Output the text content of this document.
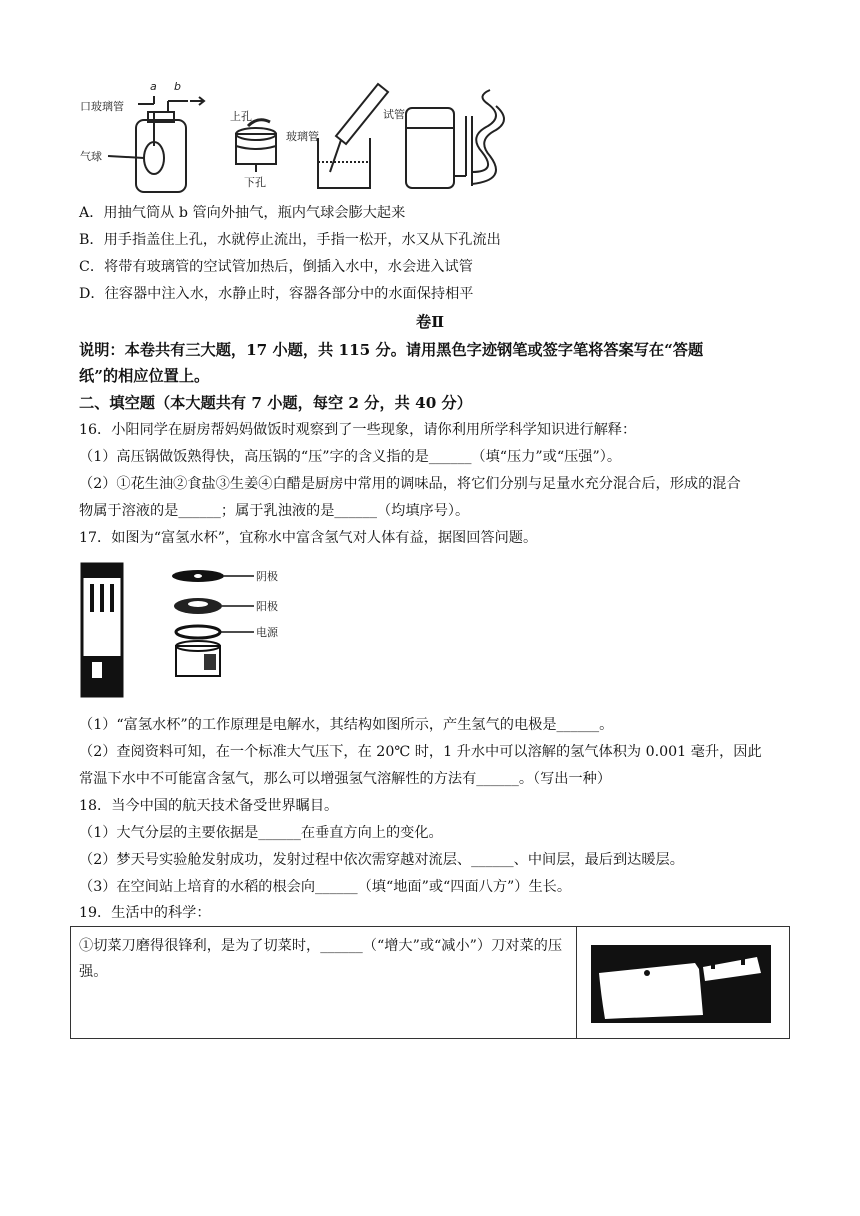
口玻璃管
a b
气球
上孔
下孔
玻璃管
试管
A．用抽气筒从 b 管向外抽气，瓶内气球会膨大起来
B．用手指盖住上孔，水就停止流出，手指一松开，水又从下孔流出
C．将带有玻璃管的空试管加热后，倒插入水中，水会进入试管
D．往容器中注入水，水静止时，容器各部分中的水面保持相平
卷Ⅱ
说明：本卷共有三大题，17 小题，共 115 分。请用黑色字迹钢笔或签字笔将答案写在“答题
纸”的相应位置上。
二、填空题（本大题共有 7 小题，每空 2 分，共 40 分）
16．小阳同学在厨房帮妈妈做饭时观察到了一些现象，请你利用所学科学知识进行解释：
（1）高压锅做饭熟得快，高压锅的“压”字的含义指的是______（填“压力”或“压强”）。
（2）①花生油②食盐③生姜④白醋是厨房中常用的调味品，将它们分别与足量水充分混合后，形成的混合
物属于溶液的是______；属于乳浊液的是______（均填序号）。
17．如图为“富氢水杯”，宜称水中富含氢气对人体有益，据图回答问题。
阴极
阳极
电源
（1）“富氢水杯”的工作原理是电解水，其结构如图所示，产生氢气的电极是______。
（2）查阅资料可知，在一个标准大气压下，在 20℃ 时，1 升水中可以溶解的氢气体积为 0.001 毫升，因此
常温下水中不可能富含氢气，那么可以增强氢气溶解性的方法有______。（写出一种）
18．当今中国的航天技术备受世界瞩目。
（1）大气分层的主要依据是______在垂直方向上的变化。
（2）梦天号实验舱发射成功，发射过程中依次需穿越对流层、______、中间层，最后到达暖层。
（3）在空间站上培育的水稻的根会向______（填“地面”或“四面八方”）生长。
19．生活中的科学：
①切菜刀磨得很锋利，是为了切菜时，______（“增大”或“减小”）刀对菜的压强。
